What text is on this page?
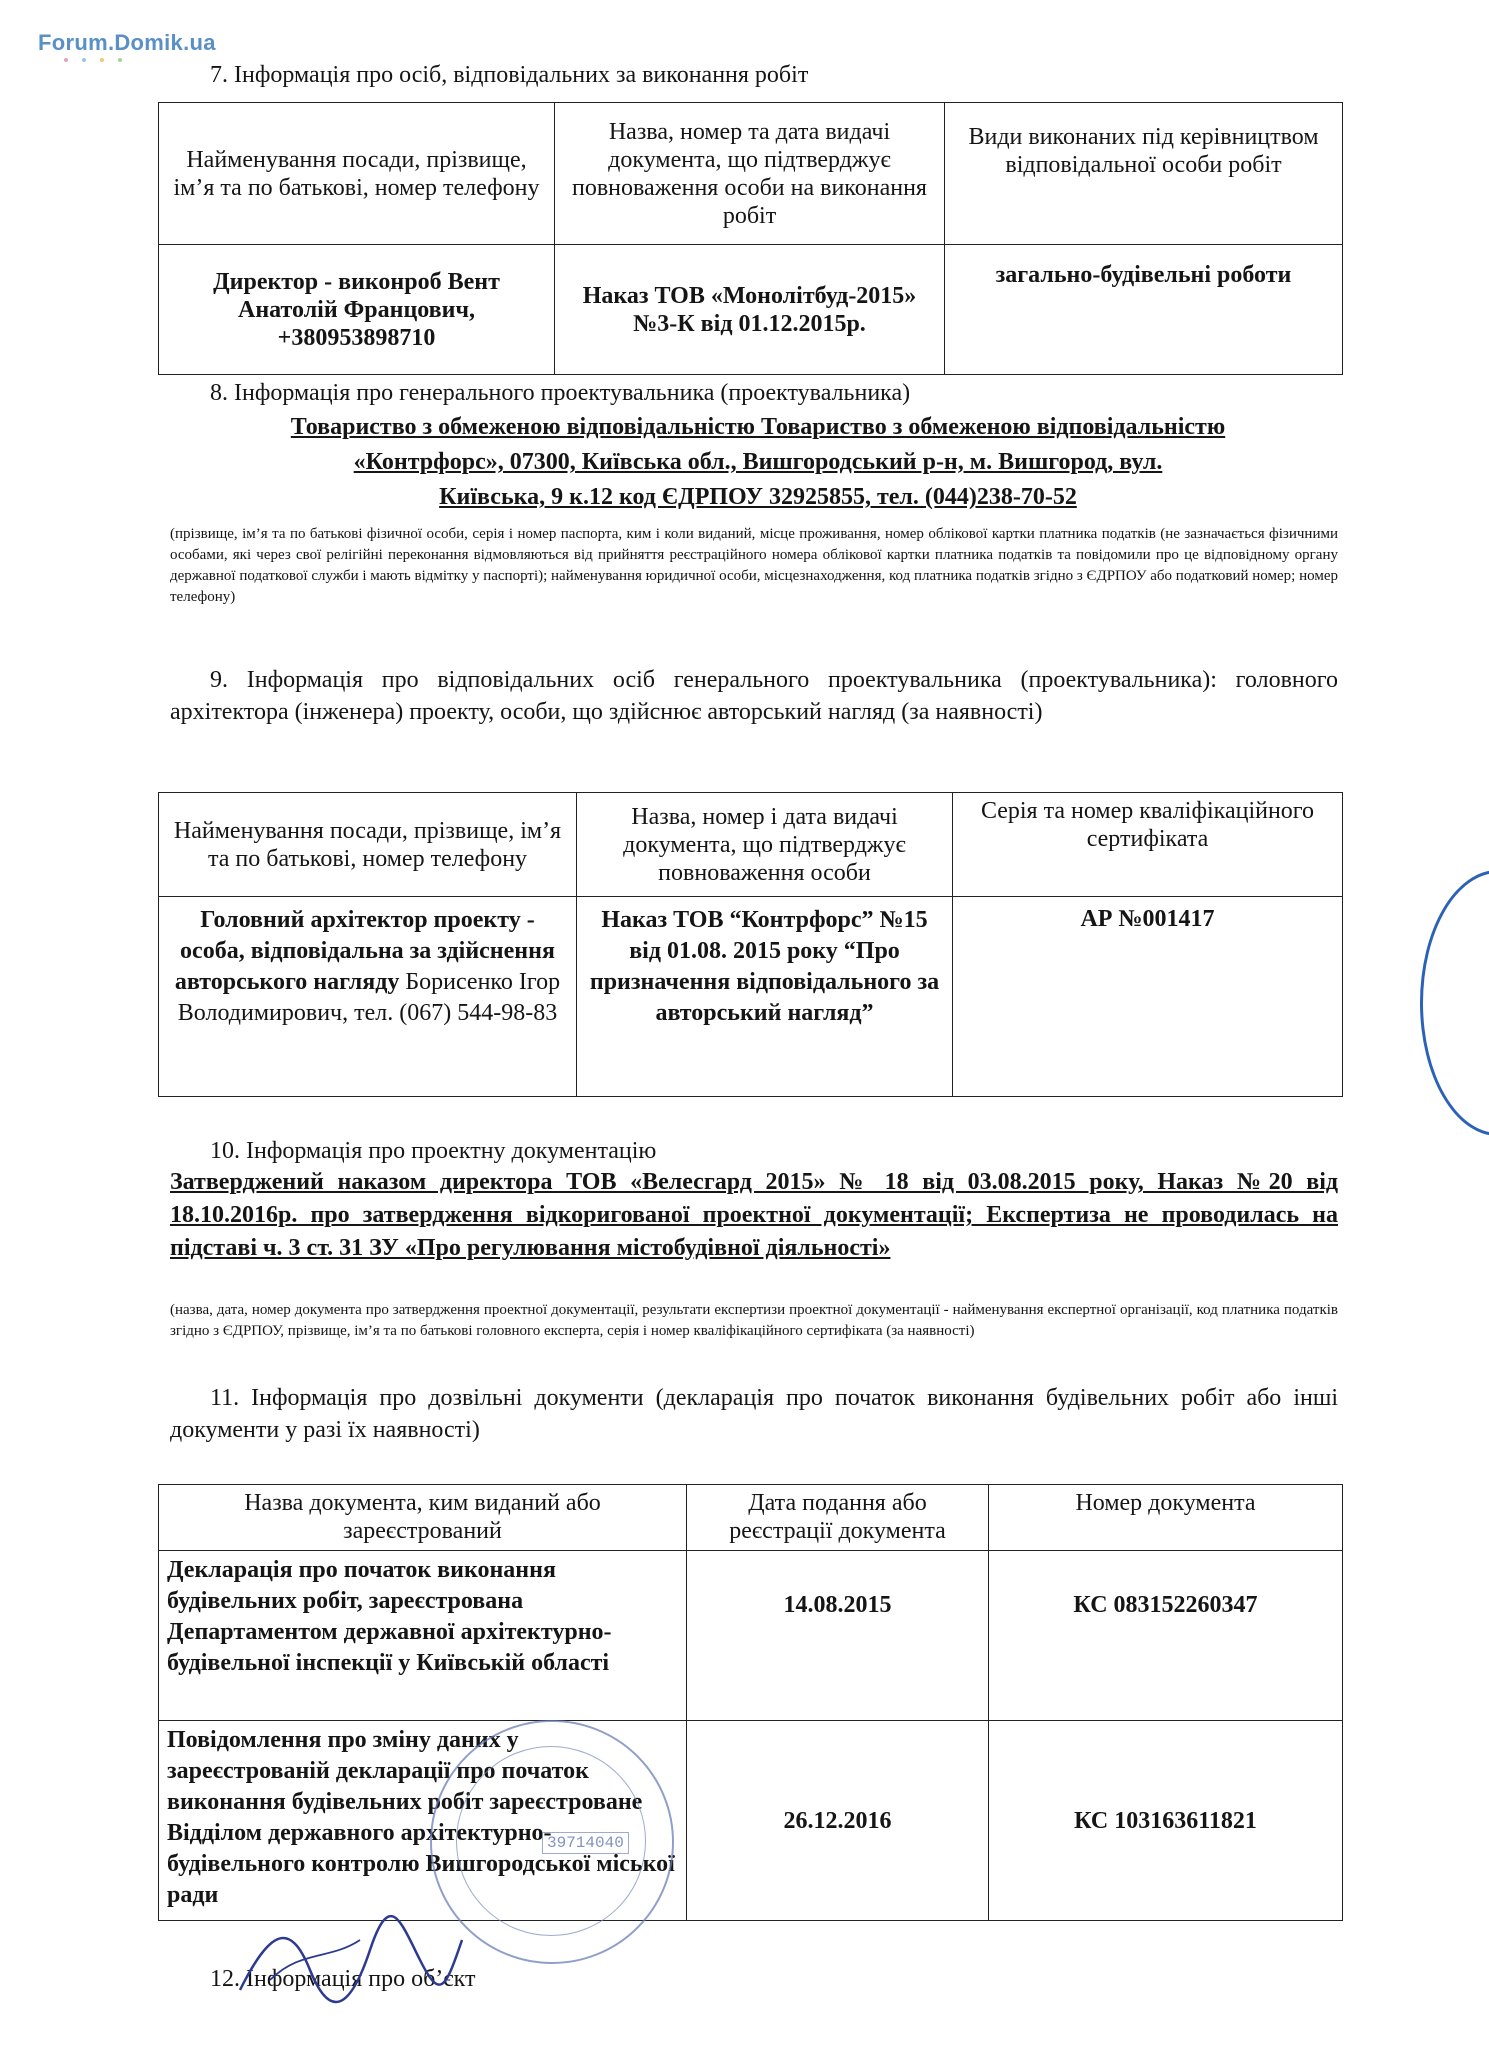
Forum.Domik.ua
7. Інформація про осіб, відповідальних за виконання робіт
Найменування посади, прізвище, ім’я та по батькові, номер телефону	Назва, номер та дата видачі документа, що підтверджує повноваження особи на виконання робіт	Види виконаних під керівництвом відповідальної особи робіт
Директор - виконроб Вент Анатолій Францович, +380953898710	Наказ ТОВ «Монолітбуд-2015» №3-К від 01.12.2015р.	загально-будівельні роботи
8. Інформація про генерального проектувальника (проектувальника)
Товариство з обмеженою відповідальністю Товариство з обмеженою відповідальністю
«Контрфорс», 07300, Київська обл., Вишгородський р-н, м. Вишгород, вул.
Київська, 9 к.12 код ЄДРПОУ 32925855, тел. (044)238-70-52
(прізвище, ім’я та по батькові фізичної особи, серія і номер паспорта, ким і коли виданий, місце проживання, номер облікової картки платника податків (не зазначається фізичними особами, які через свої релігійні переконання відмовляються від прийняття реєстраційного номера облікової картки платника податків та повідомили про це відповідному органу державної податкової служби і мають відмітку у паспорті); найменування юридичної особи, місцезнаходження, код платника податків згідно з ЄДРПОУ або податковий номер; номер телефону)
9. Інформація про відповідальних осіб генерального проектувальника (проектувальника): головного архітектора (інженера) проекту, особи, що здійснює авторський нагляд (за наявності)
Найменування посади, прізвище, ім’я та по батькові, номер телефону	Назва, номер і дата видачі документа, що підтверджує повноваження особи	Серія та номер кваліфікаційного сертифіката
Головний архітектор проекту - особа, відповідальна за здійснення авторського нагляду Борисенко Ігор Володимирович, тел. (067) 544-98-83	Наказ ТОВ “Контрфорс” №15 від 01.08. 2015 року “Про призначення відповідального за авторський нагляд”	АР №001417
10. Інформація про проектну документацію
Затверджений наказом директора ТОВ «Велесгард 2015» № 18 від 03.08.2015 року, Наказ №20 від 18.10.2016р. про затвердження відкоригованої проектної документації; Експертиза не проводилась на підставі ч. 3 ст. 31 ЗУ «Про регулювання містобудівної діяльності»
(назва, дата, номер документа про затвердження проектної документації, результати експертизи проектної документації - найменування експертної організації, код платника податків згідно з ЄДРПОУ, прізвище, ім’я та по батькові головного експерта, серія і номер кваліфікаційного сертифіката (за наявності)
11. Інформація про дозвільні документи (декларація про початок виконання будівельних робіт або інші документи у разі їх наявності)
Назва документа, ким виданий або зареєстрований	Дата подання або реєстрації документа	Номер документа
Декларація про початок виконання будівельних робіт, зареєстрована Департаментом державної архітектурно-будівельної інспекції у Київській області	14.08.2015	КС 083152260347
Повідомлення про зміну даних у зареєстрованій декларації про початок виконання будівельних робіт зареєстроване Відділом державного архітектурно-будівельного контролю Вишгородської міської ради	26.12.2016	КС 103163611821
12. Інформація про об’єкт
39714040
